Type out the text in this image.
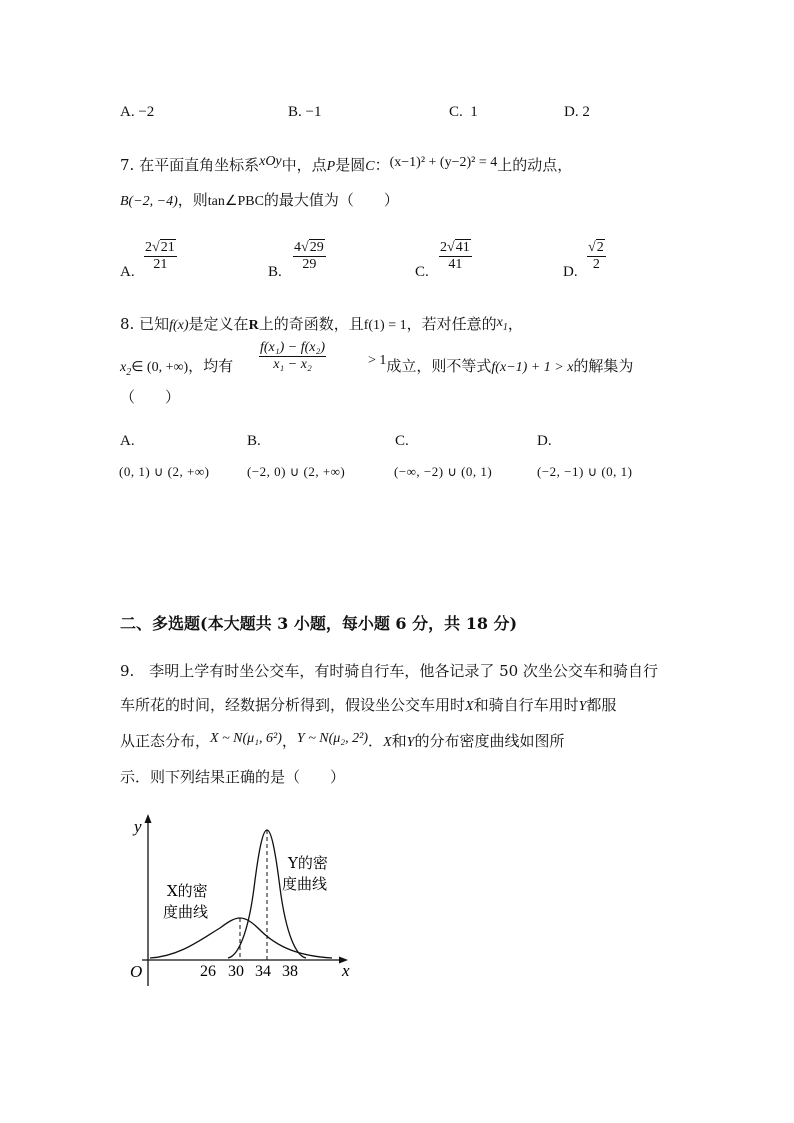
A. −2	B. −1	C. 1	D. 2
7. 在平面直角坐标系xOy中，点P是圆C：(x−1)² + (y−2)² = 4上的动点，
B(−2, −4)，则tan∠PBC的最大值为（　　）
A.
2√21
21	B.
4√29
29	C.
2√41
41	D.
√2
2
8. 已知f(x)是定义在R上的奇函数，且f(1) = 1，若对任意的$x_1$，
$x_2\in$ (0, +∞)，均有
f(x₁) − f(x₂)
x₁ − x₂	> 1成立，则不等式f(x−1) + 1 > x的解集为
（　　）
A.	B.	C.	D.
(0, 1) ∪ (2, +∞)	(−2, 0) ∪ (2, +∞)	(−∞, −2) ∪ (0, 1)	(−2, −1) ∪ (0, 1)
二、多选题(本大题共 3 小题，每小题 6 分，共 18 分)
9.　李明上学有时坐公交车，有时骑自行车，他各记录了 50 次坐公交车和骑自行
车所花的时间，经数据分析得到，假设坐公交车用时X和骑自行车用时Y都服
从正态分布，X ~ N(μ₁, 6²)，Y ~ N(μ₂, 2²)．X和Y的分布密度曲线如图所
示．则下列结果正确的是（　　）
y
x
O	26 30 34 38
X的密
度曲线
Y的密
度曲线
